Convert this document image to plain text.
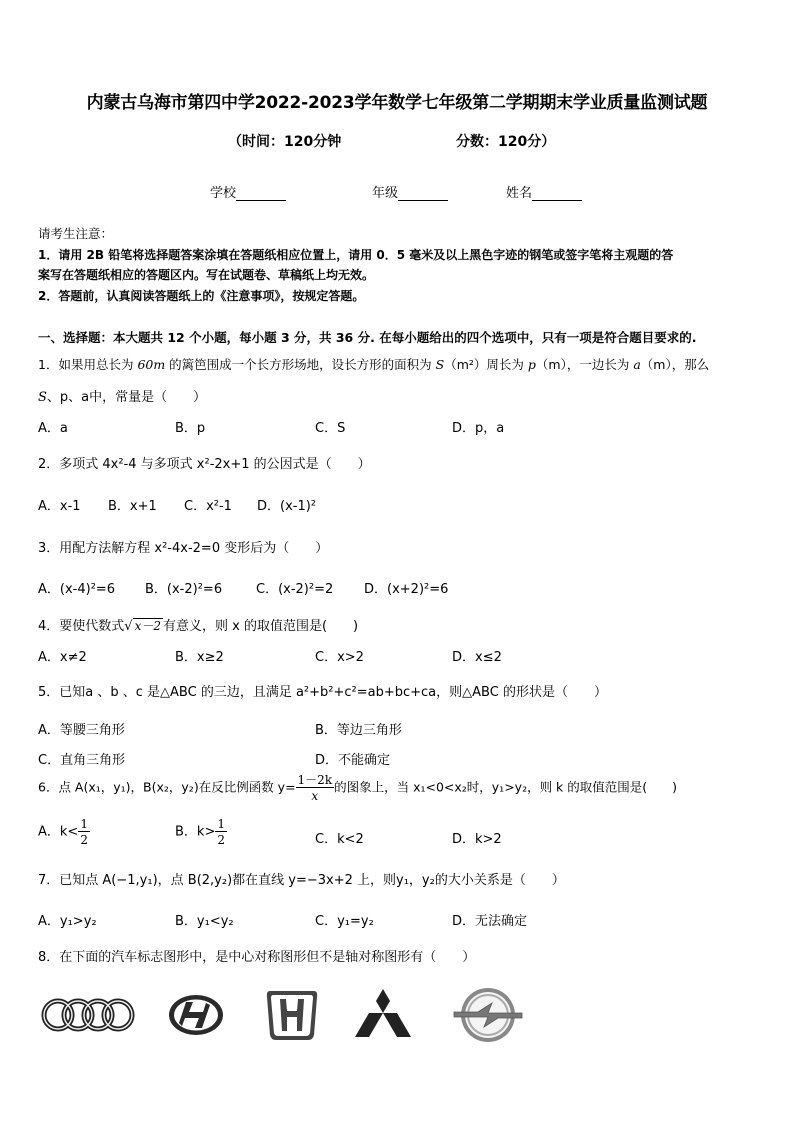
内蒙古乌海市第四中学2022-2023学年数学七年级第二学期期末学业质量监测试题
（时间：120分钟	分数：120分）
学校	年级	姓名
请考生注意：
1．请用 2B 铅笔将选择题答案涂填在答题纸相应位置上，请用 0．5 毫米及以上黑色字迹的钢笔或签字笔将主观题的答
案写在答题纸相应的答题区内。写在试题卷、草稿纸上均无效。
2．答题前，认真阅读答题纸上的《注意事项》，按规定答题。
一、选择题：本大题共 12 个小题，每小题 3 分，共 36 分. 在每小题给出的四个选项中，只有一项是符合题目要求的.
1．如果用总长为 60m 的篱笆围成一个长方形场地，设长方形的面积为 S（m²）周长为 p（m），一边长为 a（m），那么
S、p、a中，常量是（　　）
A．a	B．p	C．S	D．p，a
2．多项式 4x²-4 与多项式 x²-2x+1 的公因式是（　　）
A．x-1 B．x+1 C．x²-1 D．(x-1)²
3．用配方法解方程 x²-4x-2=0 变形后为（　　）
A．(x-4)²=6 B．(x-2)²=6	C．(x-2)²=2 D．(x+2)²=6
4．要使代数式√ x－2 有意义，则 x 的取值范围是(　　)
A．x≠2	B．x≥2	C．x>2	D．x≤2
5．已知a 、b 、c 是△ABC 的三边，且满足 a²+b²+c²=ab+bc+ca，则△ABC 的形状是（　　）
A．等腰三角形	B．等边三角形
C．直角三角形	D．不能确定
6．点 A(x₁，y₁)，B(x₂，y₂)在反比例函数 $y= \frac{1-2k}{x}$ 的图象上，当 x₁<0<x₂时，y₁>y₂，则 k 的取值范围是(　　)
A．$k< \frac{1}{2}$	B．$k> \frac{1}{2}$	C．k<2	D．k>2
7．已知点 A(−1,y₁)，点 B(2,y₂)都在直线 y=−3x+2 上，则y₁，y₂的大小关系是（　　）
A．y₁>y₂	B．y₁<y₂	C．y₁=y₂	D．无法确定
8．在下面的汽车标志图形中，是中心对称图形但不是轴对称图形有（　　）
